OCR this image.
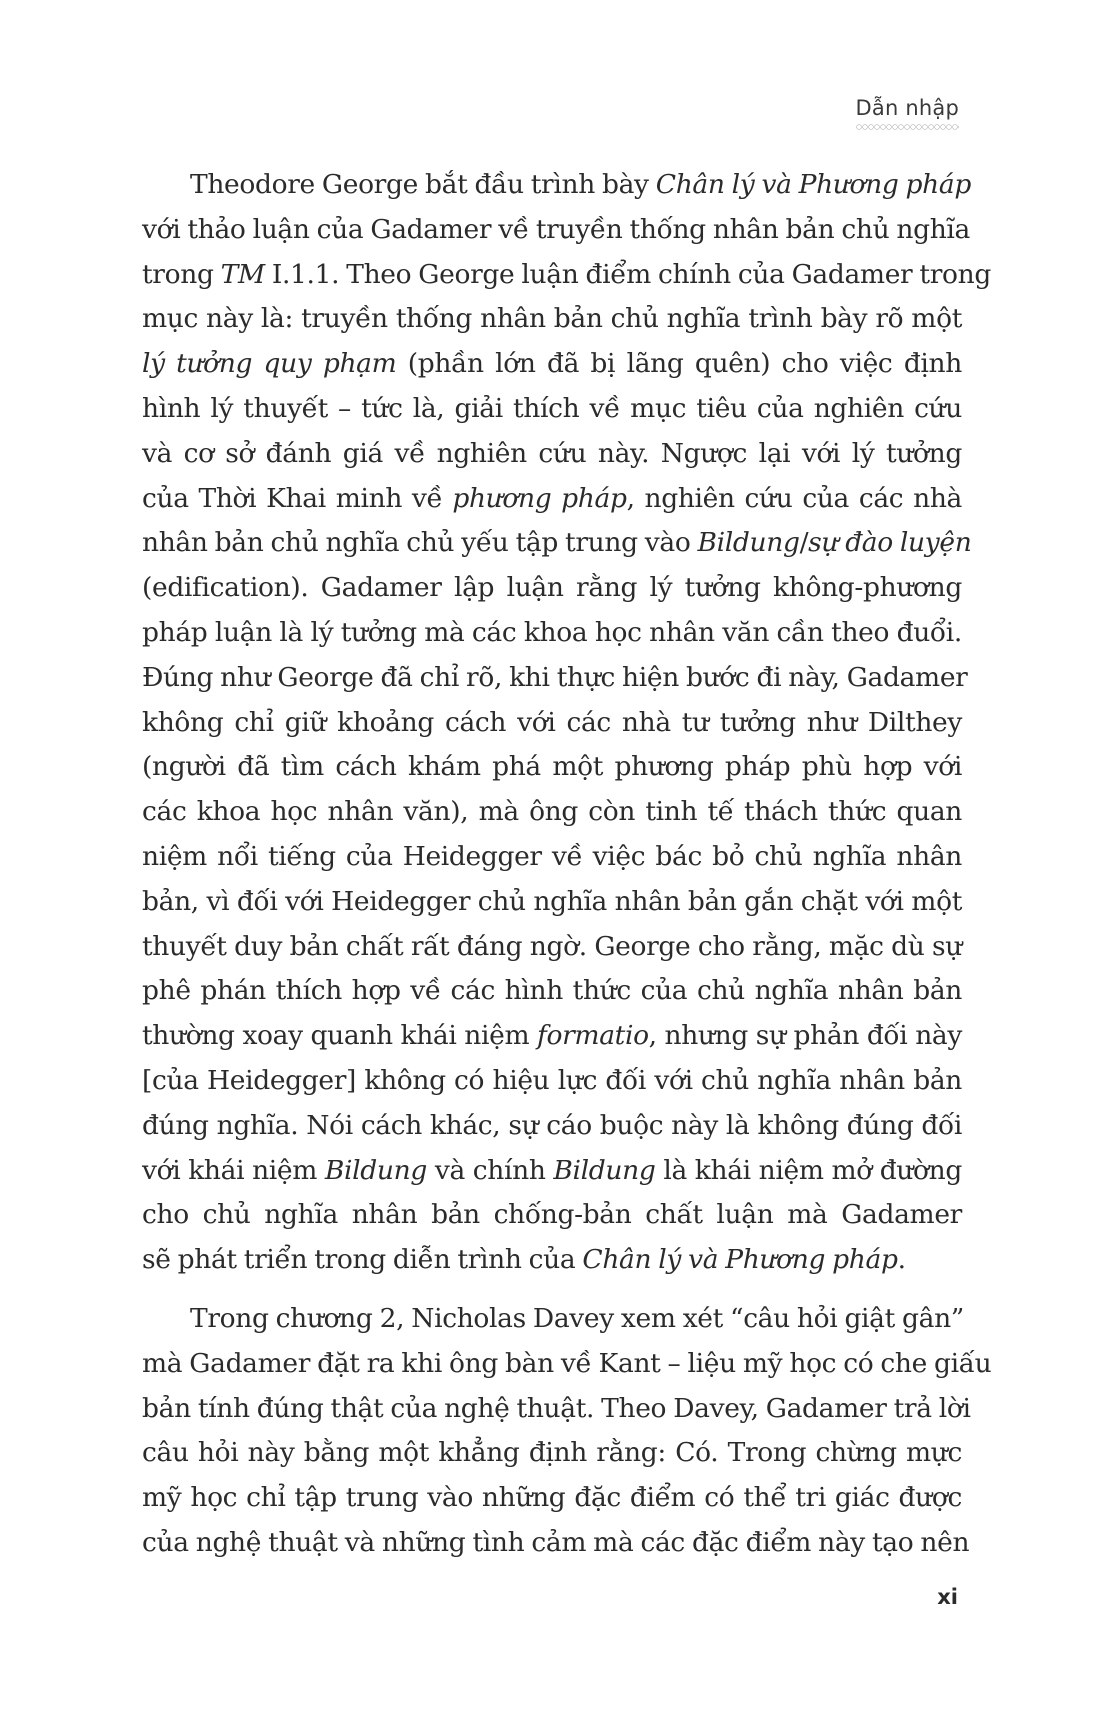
Dẫn nhập

Theodore George bắt đầu trình bày Chân lý và Phương pháp
với thảo luận của Gadamer về truyền thống nhân bản chủ nghĩa
trong TM I.1.1. Theo George luận điểm chính của Gadamer trong
mục này là: truyền thống nhân bản chủ nghĩa trình bày rõ một
lý tưởng quy phạm (phần lớn đã bị lãng quên) cho việc định
hình lý thuyết – tức là, giải thích về mục tiêu của nghiên cứu
và cơ sở đánh giá về nghiên cứu này. Ngược lại với lý tưởng
của Thời Khai minh về phương pháp, nghiên cứu của các nhà
nhân bản chủ nghĩa chủ yếu tập trung vào Bildung/sự đào luyện
(edification). Gadamer lập luận rằng lý tưởng không-phương
pháp luận là lý tưởng mà các khoa học nhân văn cần theo đuổi.
Đúng như George đã chỉ rõ, khi thực hiện bước đi này, Gadamer
không chỉ giữ khoảng cách với các nhà tư tưởng như Dilthey
(người đã tìm cách khám phá một phương pháp phù hợp với
các khoa học nhân văn), mà ông còn tinh tế thách thức quan
niệm nổi tiếng của Heidegger về việc bác bỏ chủ nghĩa nhân
bản, vì đối với Heidegger chủ nghĩa nhân bản gắn chặt với một
thuyết duy bản chất rất đáng ngờ. George cho rằng, mặc dù sự
phê phán thích hợp về các hình thức của chủ nghĩa nhân bản
thường xoay quanh khái niệm formatio, nhưng sự phản đối này
[của Heidegger] không có hiệu lực đối với chủ nghĩa nhân bản
đúng nghĩa. Nói cách khác, sự cáo buộc này là không đúng đối
với khái niệm Bildung và chính Bildung là khái niệm mở đường
cho chủ nghĩa nhân bản chống-bản chất luận mà Gadamer
sẽ phát triển trong diễn trình của Chân lý và Phương pháp.

Trong chương 2, Nicholas Davey xem xét “câu hỏi giật gân”
mà Gadamer đặt ra khi ông bàn về Kant – liệu mỹ học có che giấu
bản tính đúng thật của nghệ thuật. Theo Davey, Gadamer trả lời
câu hỏi này bằng một khẳng định rằng: Có. Trong chừng mực
mỹ học chỉ tập trung vào những đặc điểm có thể tri giác được
của nghệ thuật và những tình cảm mà các đặc điểm này tạo nên

xi
